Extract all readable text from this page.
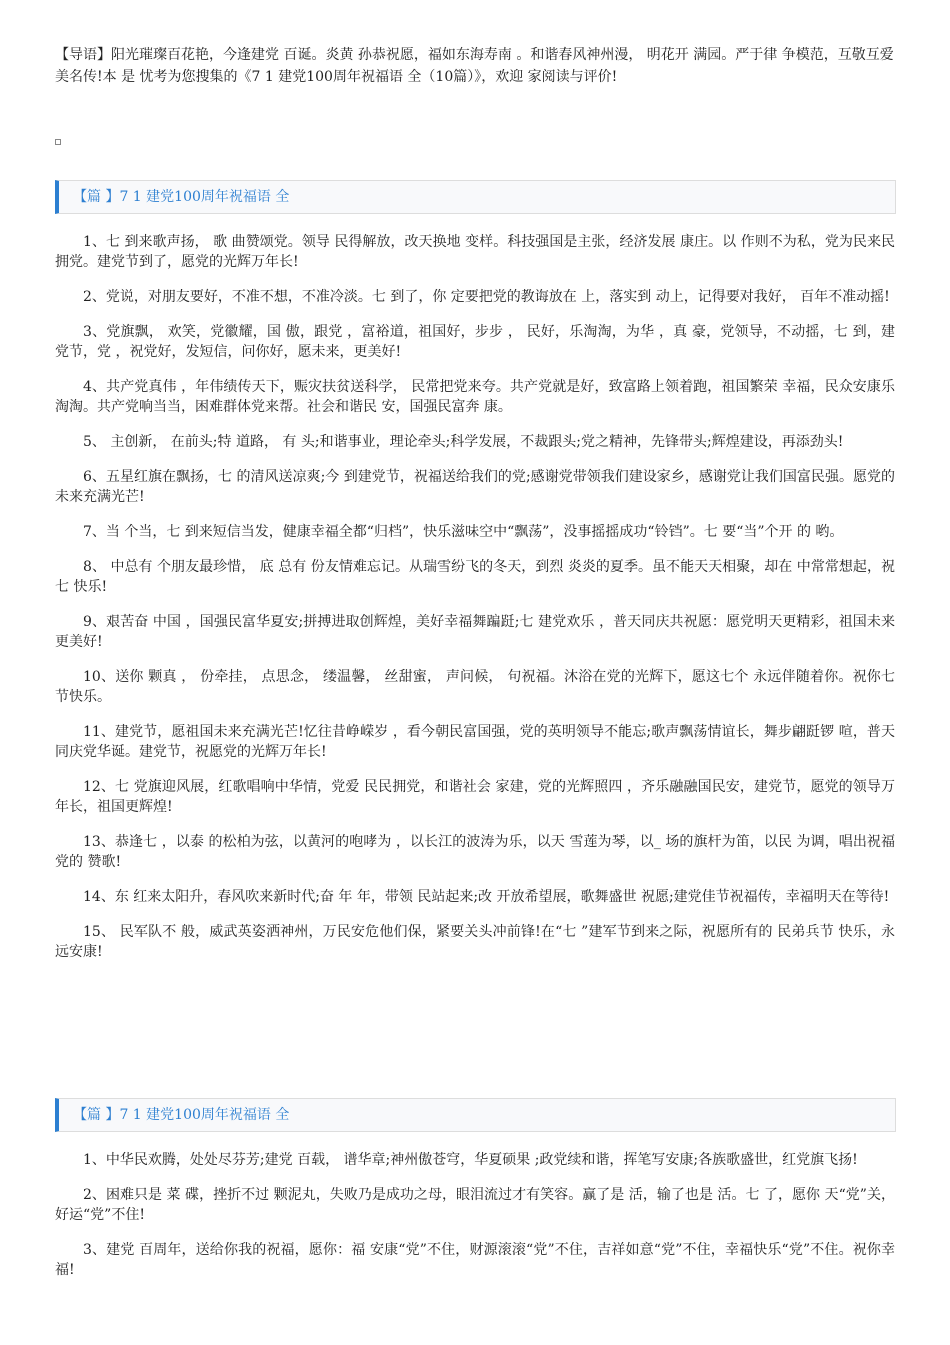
【导语】阳光璀璨百花艳，今逢建党 百诞。炎黄 孙恭祝愿，福如东海寿南 。和谐春风神州漫， 明花开 满园。严于律 争模范，互敬互爱美名传!本 是 忧考为您搜集的《7 1 建党100周年祝福语 全（10篇）》，欢迎 家阅读与评价!
【篇 】7 1 建党100周年祝福语 全

1、七 到来歌声扬， 歌 曲赞颂党。领导 民得解放，改天换地 变样。科技强国是主张，经济发展 康庄。以 作则不为私，党为民来民拥党。建党节到了，愿党的光辉万年长!

2、党说，对朋友要好，不准不想，不准冷淡。七 到了，你 定要把党的教诲放在 上，落实到 动上，记得要对我好， 百年不准动摇!

3、党旗飘， 欢笑，党徽耀，国 傲，跟党 ，富裕道，祖国好，步步 ， 民好，乐淘淘，为华 ，真 豪，党领导，不动摇，七 到，建党节，党 ，祝党好，发短信，问你好，愿未来，更美好!

4、共产党真伟 ，年伟绩传天下，赈灾扶贫送科学， 民常把党来夸。共产党就是好，致富路上领着跑，祖国繁荣 幸福，民众安康乐淘淘。共产党响当当，困难群体党来帮。社会和谐民 安，国强民富奔 康。

5、 主创新， 在前头;特 道路， 有 头;和谐事业，理论牵头;科学发展，不裁跟头;党之精神，先锋带头;辉煌建设，再添劲头!

6、五星红旗在飘扬，七 的清风送凉爽;今 到建党节，祝福送给我们的党;感谢党带领我们建设家乡，感谢党让我们国富民强。愿党的未来充满光芒!

7、当 个当，七 到来短信当发，健康幸福全都“归档”，快乐滋味空中“飘荡”，没事摇摇成功“铃铛”。七 要“当”个开 的 哟。

8、 中总有 个朋友最珍惜， 底 总有 份友情难忘记。从瑞雪纷飞的冬天，到烈 炎炎的夏季。虽不能天天相聚，却在 中常常想起，祝七 快乐!

9、艰苦奋 中国 ，国强民富华夏安;拼搏进取创辉煌，美好幸福舞蹁跹;七 建党欢乐 ，普天同庆共祝愿：愿党明天更精彩，祖国未来更美好!

10、送你 颗真 ， 份牵挂， 点思念， 缕温馨， 丝甜蜜， 声问候， 句祝福。沐浴在党的光辉下，愿这七个 永远伴随着你。祝你七 节快乐。

11、建党节，愿祖国未来充满光芒!忆往昔峥嵘岁 ，看今朝民富国强，党的英明领导不能忘;歌声飘荡情谊长，舞步翩跹锣 喧，普天同庆党华诞。建党节，祝愿党的光辉万年长!

12、七 党旗迎风展，红歌唱响中华情，党爱 民民拥党，和谐社会 家建，党的光辉照四 ，齐乐融融国民安，建党节，愿党的领导万年长，祖国更辉煌!

13、恭逢七 ，以泰 的松柏为弦，以黄河的咆哮为 ，以长江的波涛为乐，以天 雪莲为琴，以_ 场的旗杆为笛，以民 为调，唱出祝福党的 赞歌!

14、东 红来太阳升，春风吹来新时代;奋 年 年，带领 民站起来;改 开放希望展，歌舞盛世 祝愿;建党佳节祝福传，幸福明天在等待!

15、 民军队不 般，威武英姿洒神州，万民安危他们保，紧要关头冲前锋!在“七 ”建军节到来之际，祝愿所有的 民弟兵节 快乐，永远安康!

【篇 】7 1 建党100周年祝福语 全

1、中华民欢腾，处处尽芬芳;建党 百载， 谱华章;神州傲苍穹，华夏硕果 ;政党续和谐，挥笔写安康;各族歌盛世，红党旗飞扬!

2、困难只是 菜 碟，挫折不过 颗泥丸，失败乃是成功之母，眼泪流过才有笑容。赢了是 活，输了也是 活。七 了，愿你 天“党”关，好运“党”不住!

3、建党 百周年，送给你我的祝福，愿你：福 安康“党”不住，财源滚滚“党”不住，吉祥如意“党”不住，幸福快乐“党”不住。祝你幸福!
